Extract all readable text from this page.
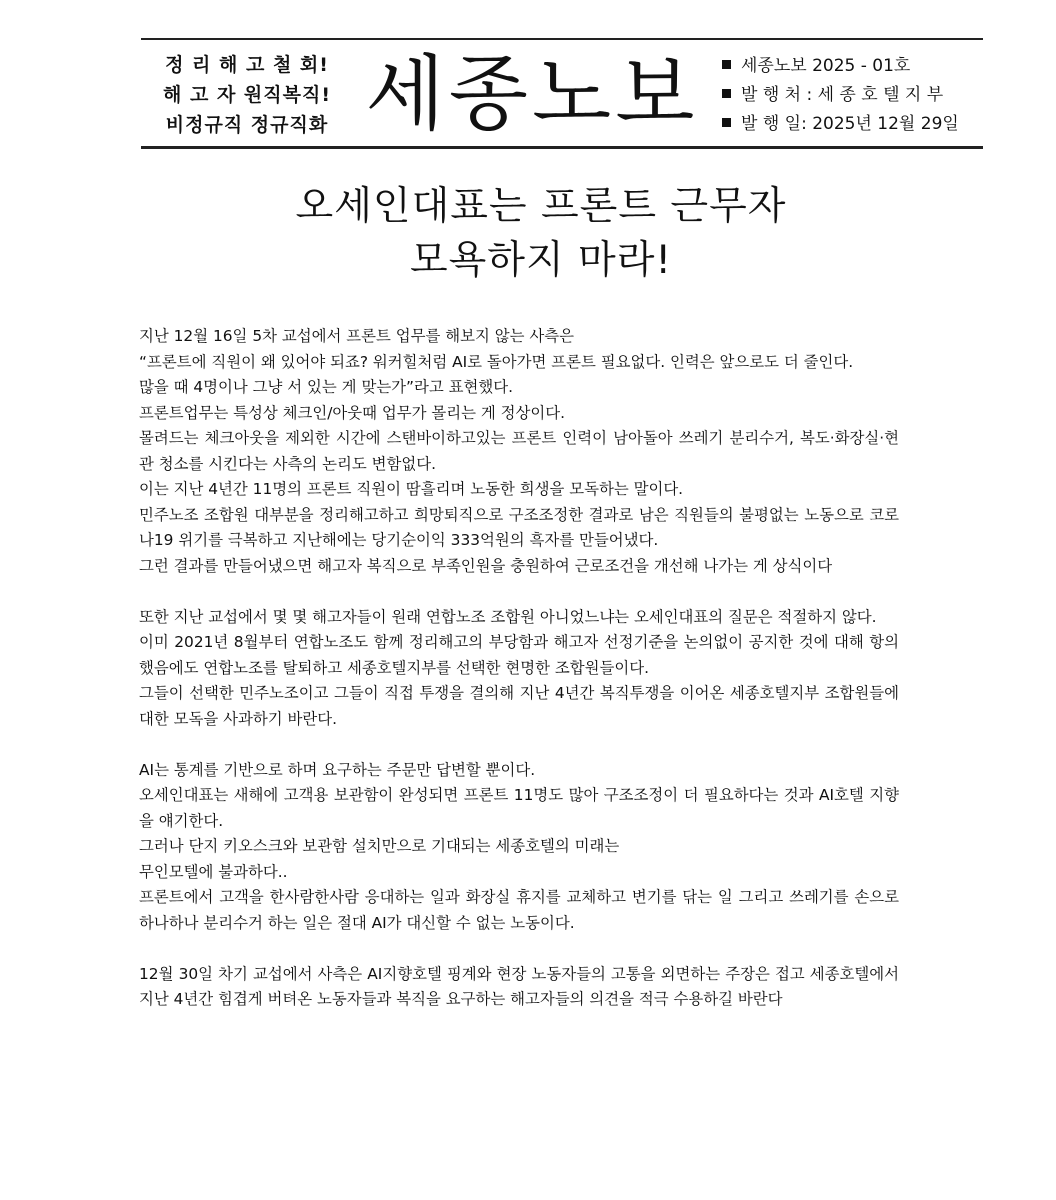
정 리 해 고 철 회!
해 고 자 원직복직!
비정규직 정규직화 세종노보	세종노보 2025 - 01호
발 행 처 : 세 종 호 텔 지 부
발 행 일: 2025년 12월 29일
오세인대표는 프론트 근무자
모욕하지 마라!
지난 12월 16일 5차 교섭에서 프론트 업무를 해보지 않는 사측은
“프론트에 직원이 왜 있어야 되죠? 워커힐처럼 AI로 돌아가면 프론트 필요없다. 인력은 앞으로도 더 줄인다.
많을 때 4명이나 그냥 서 있는 게 맞는가”라고 표현했다.
프론트업무는 특성상 체크인/아웃때 업무가 몰리는 게 정상이다.
몰려드는 체크아웃을 제외한 시간에 스탠바이하고있는 프론트 인력이 남아돌아 쓰레기 분리수거, 복도·화장실·현관 청소를 시킨다는 사측의 논리도 변함없다.
이는 지난 4년간 11명의 프론트 직원이 땀흘리며 노동한 희생을 모독하는 말이다.
민주노조 조합원 대부분을 정리해고하고 희망퇴직으로 구조조정한 결과로 남은 직원들의 불평없는 노동으로 코로나19 위기를 극복하고 지난해에는 당기순이익 333억원의 흑자를 만들어냈다.
그런 결과를 만들어냈으면 해고자 복직으로 부족인원을 충원하여 근로조건을 개선해 나가는 게 상식이다
또한 지난 교섭에서 몇 몇 해고자들이 원래 연합노조 조합원 아니었느냐는 오세인대표의 질문은 적절하지 않다.
이미 2021년 8월부터 연합노조도 함께 정리해고의 부당함과 해고자 선정기준을 논의없이 공지한 것에 대해 항의했음에도 연합노조를 탈퇴하고 세종호텔지부를 선택한 현명한 조합원들이다.
그들이 선택한 민주노조이고 그들이 직접 투쟁을 결의해 지난 4년간 복직투쟁을 이어온 세종호텔지부 조합원들에 대한 모독을 사과하기 바란다.
AI는 통계를 기반으로 하며 요구하는 주문만 답변할 뿐이다.
오세인대표는 새해에 고객용 보관함이 완성되면 프론트 11명도 많아 구조조정이 더 필요하다는 것과 AI호텔 지향을 얘기한다.
그러나 단지 키오스크와 보관함 설치만으로 기대되는 세종호텔의 미래는
무인모텔에 불과하다..
프론트에서 고객을 한사람한사람 응대하는 일과 화장실 휴지를 교체하고 변기를 닦는 일 그리고 쓰레기를 손으로 하나하나 분리수거 하는 일은 절대 AI가 대신할 수 없는 노동이다.
12월 30일 차기 교섭에서 사측은 AI지향호텔 핑계와 현장 노동자들의 고통을 외면하는 주장은 접고 세종호텔에서 지난 4년간 힘겹게 버텨온 노동자들과 복직을 요구하는 해고자들의 의견을 적극 수용하길 바란다
